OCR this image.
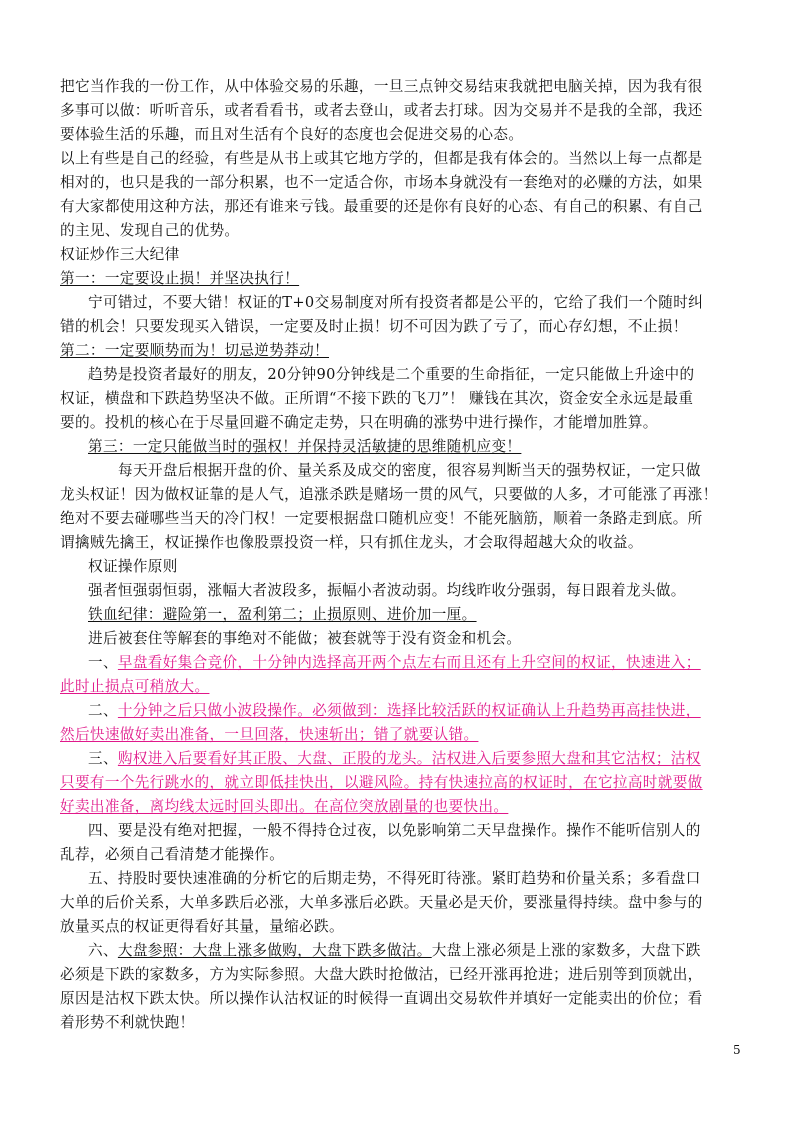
把它当作我的一份工作，从中体验交易的乐趣，一旦三点钟交易结束我就把电脑关掉，因为我有很
多事可以做：听听音乐，或者看看书，或者去登山，或者去打球。因为交易并不是我的全部，我还
要体验生活的乐趣，而且对生活有个良好的态度也会促进交易的心态。
以上有些是自己的经验，有些是从书上或其它地方学的，但都是我有体会的。当然以上每一点都是
相对的，也只是我的一部分积累，也不一定适合你，市场本身就没有一套绝对的必赚的方法，如果
有大家都使用这种方法，那还有谁来亏钱。最重要的还是你有良好的心态、有自己的积累、有自己
的主见、发现自己的优势。
权证炒作三大纪律
第一：一定要设止损！并坚决执行！
宁可错过，不要大错！权证的T+0交易制度对所有投资者都是公平的，它给了我们一个随时纠
错的机会！只要发现买入错误，一定要及时止损！切不可因为跌了亏了，而心存幻想，不止损！
第二：一定要顺势而为！切忌逆势莽动！
趋势是投资者最好的朋友，20分钟90分钟线是二个重要的生命指征，一定只能做上升途中的
权证，横盘和下跌趋势坚决不做。正所谓“不接下跌的飞刀”！ 赚钱在其次，资金安全永远是最重
要的。投机的核心在于尽量回避不确定走势，只在明确的涨势中进行操作，才能增加胜算。
第三：一定只能做当时的强权！并保持灵活敏捷的思维随机应变！
每天开盘后根据开盘的价、量关系及成交的密度，很容易判断当天的强势权证，一定只做
龙头权证！因为做权证靠的是人气，追涨杀跌是赌场一贯的风气，只要做的人多，才可能涨了再涨！
绝对不要去碰哪些当天的冷门权！一定要根据盘口随机应变！不能死脑筋，顺着一条路走到底。所
谓擒贼先擒王，权证操作也像股票投资一样，只有抓住龙头，才会取得超越大众的收益。
权证操作原则
强者恒强弱恒弱，涨幅大者波段多，振幅小者波动弱。均线昨收分强弱，每日跟着龙头做。
铁血纪律：避险第一，盈利第二；止损原则、进价加一厘。
进后被套住等解套的事绝对不能做；被套就等于没有资金和机会。
一、早盘看好集合竞价，十分钟内选择高开两个点左右而且还有上升空间的权证，快速进入；
此时止损点可稍放大。
二、十分钟之后只做小波段操作。必须做到：选择比较活跃的权证确认上升趋势再高挂快进，
然后快速做好卖出准备，一旦回落，快速斩出；错了就要认错。
三、购权进入后要看好其正股、大盘、正股的龙头。沽权进入后要参照大盘和其它沽权；沽权
只要有一个先行跳水的，就立即低挂快出，以避风险。持有快速拉高的权证时，在它拉高时就要做
好卖出准备，离均线太远时回头即出。在高位突放剧量的也要快出。
四、要是没有绝对把握，一般不得持仓过夜，以免影响第二天早盘操作。操作不能听信别人的
乱荐，必须自己看清楚才能操作。
五、持股时要快速准确的分析它的后期走势，不得死盯待涨。紧盯趋势和价量关系；多看盘口
大单的后价关系，大单多跌后必涨，大单多涨后必跌。天量必是天价，要涨量得持续。盘中参与的
放量买点的权证更得看好其量，量缩必跌。
六、大盘参照：大盘上涨多做购，大盘下跌多做沽。大盘上涨必须是上涨的家数多，大盘下跌
必须是下跌的家数多，方为实际参照。大盘大跌时抢做沽，已经开涨再抢进；进后别等到顶就出，
原因是沽权下跌太快。所以操作认沽权证的时候得一直调出交易软件并填好一定能卖出的价位；看
着形势不利就快跑！
5
